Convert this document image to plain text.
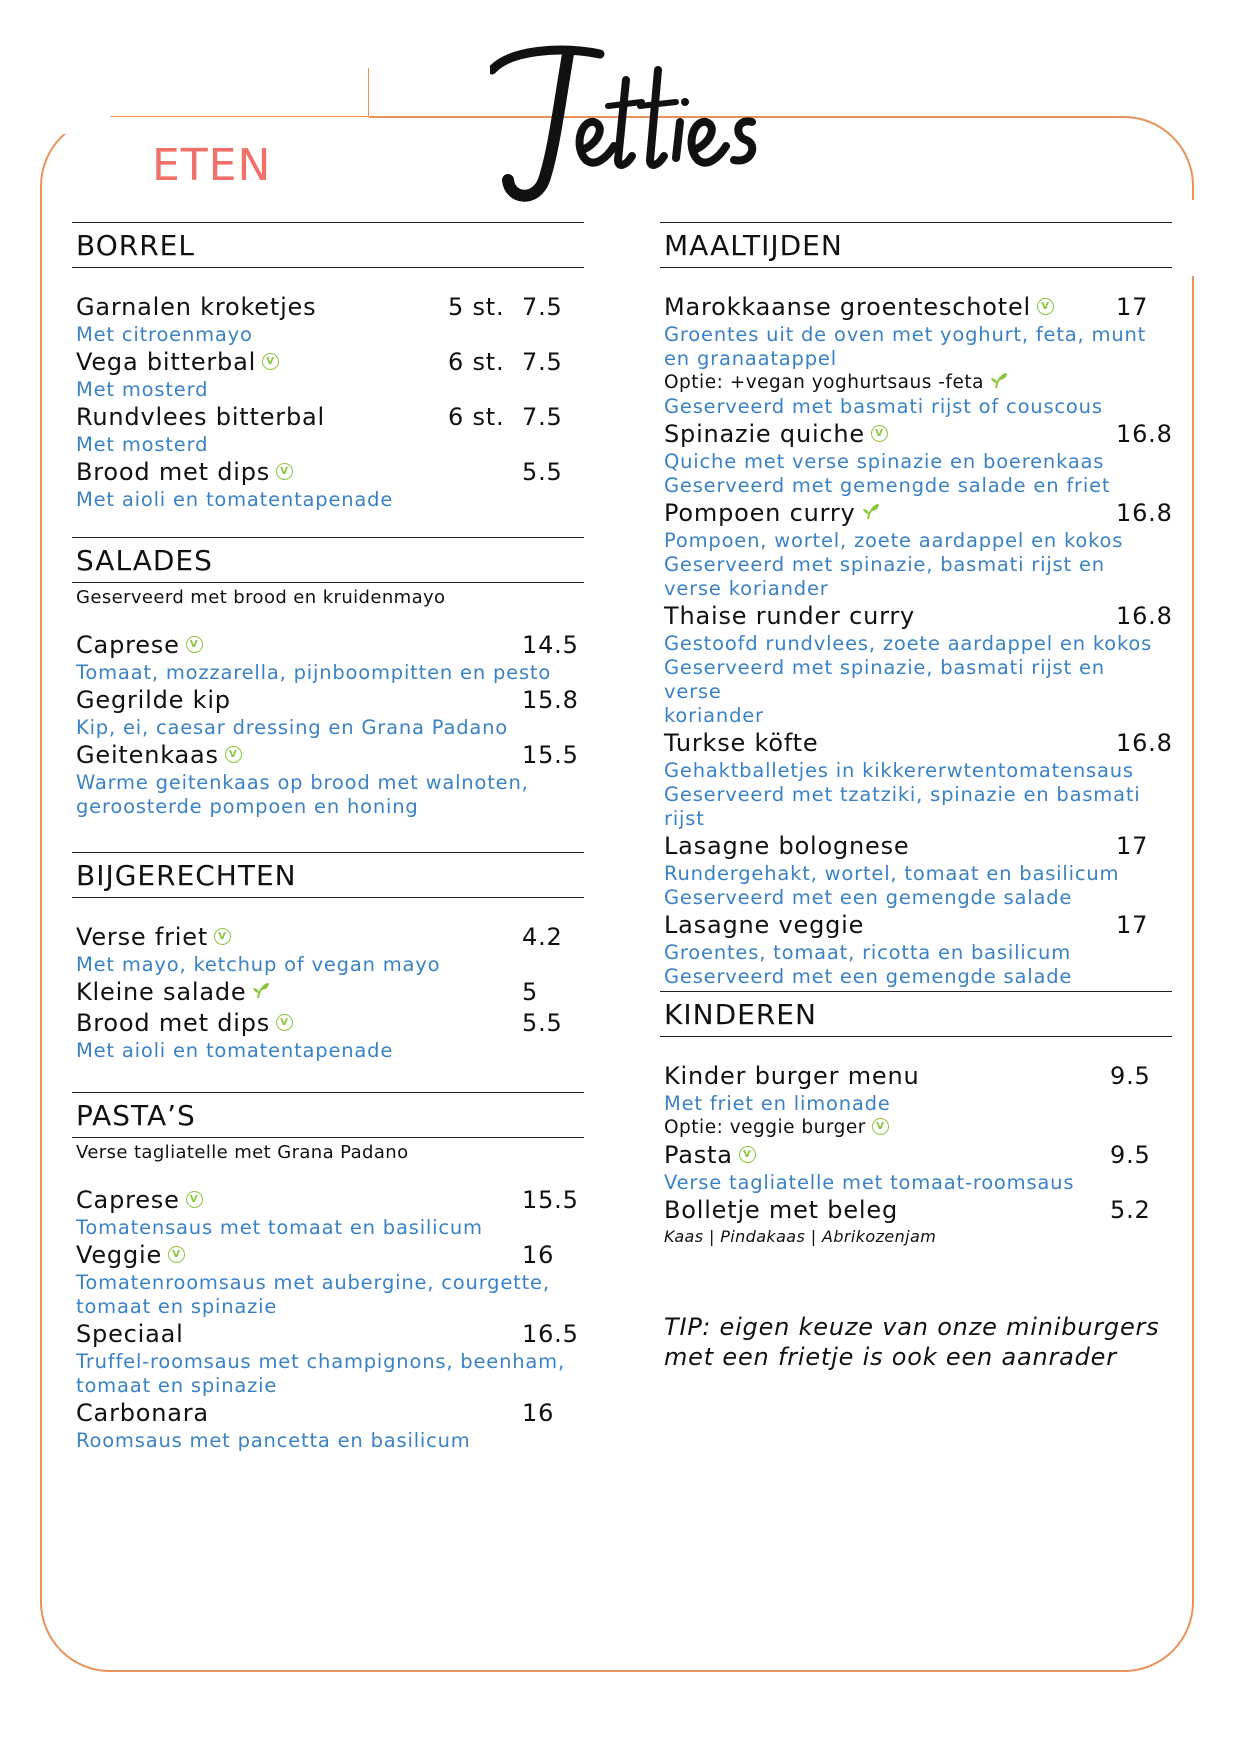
ETEN
BORREL
Garnalen kroketjes	5 st. 7.5
Met citroenmayo
Vega bitterbal V	6 st. 7.5
Met mosterd
Rundvlees bitterbal	6 st. 7.5
Met mosterd
Brood met dips V	5.5
Met aioli en tomatentapenade
SALADES
Geserveerd met brood en kruidenmayo
Caprese V	14.5
Tomaat, mozzarella, pijnboompitten en pesto
Gegrilde kip	15.8
Kip, ei, caesar dressing en Grana Padano
Geitenkaas V	15.5
Warme geitenkaas op brood met walnoten,
geroosterde pompoen en honing
BIJGERECHTEN
Verse friet V	4.2
Met mayo, ketchup of vegan mayo
Kleine salade	5
Brood met dips V	5.5
Met aioli en tomatentapenade
PASTA’S
Verse tagliatelle met Grana Padano
Caprese V	15.5
Tomatensaus met tomaat en basilicum
Veggie V	16
Tomatenroomsaus met aubergine, courgette,
tomaat en spinazie
Speciaal	16.5
Truffel-roomsaus met champignons, beenham,
tomaat en spinazie
Carbonara	16
Roomsaus met pancetta en basilicum
MAALTIJDEN
Marokkaanse groenteschotel V	17
Groentes uit de oven met yoghurt, feta, munt
en granaatappel
Optie: +vegan yoghurtsaus -feta
Geserveerd met basmati rijst of couscous
Spinazie quiche V	16.8
Quiche met verse spinazie en boerenkaas
Geserveerd met gemengde salade en friet
Pompoen curry	16.8
Pompoen, wortel, zoete aardappel en kokos
Geserveerd met spinazie, basmati rijst en
verse koriander
Thaise runder curry	16.8
Gestoofd rundvlees, zoete aardappel en kokos
Geserveerd met spinazie, basmati rijst en verse
koriander
Turkse köfte	16.8
Gehaktballetjes in kikkererwtentomatensaus
Geserveerd met tzatziki, spinazie en basmati
rijst
Lasagne bolognese	17
Rundergehakt, wortel, tomaat en basilicum
Geserveerd met een gemengde salade
Lasagne veggie	17
Groentes, tomaat, ricotta en basilicum
Geserveerd met een gemengde salade
KINDEREN
Kinder burger menu	9.5
Met friet en limonade
Optie: veggie burger V
Pasta V	9.5
Verse tagliatelle met tomaat-roomsaus
Bolletje met beleg	5.2
Kaas | Pindakaas | Abrikozenjam
TIP: eigen keuze van onze miniburgers
met een frietje is ook een aanrader
